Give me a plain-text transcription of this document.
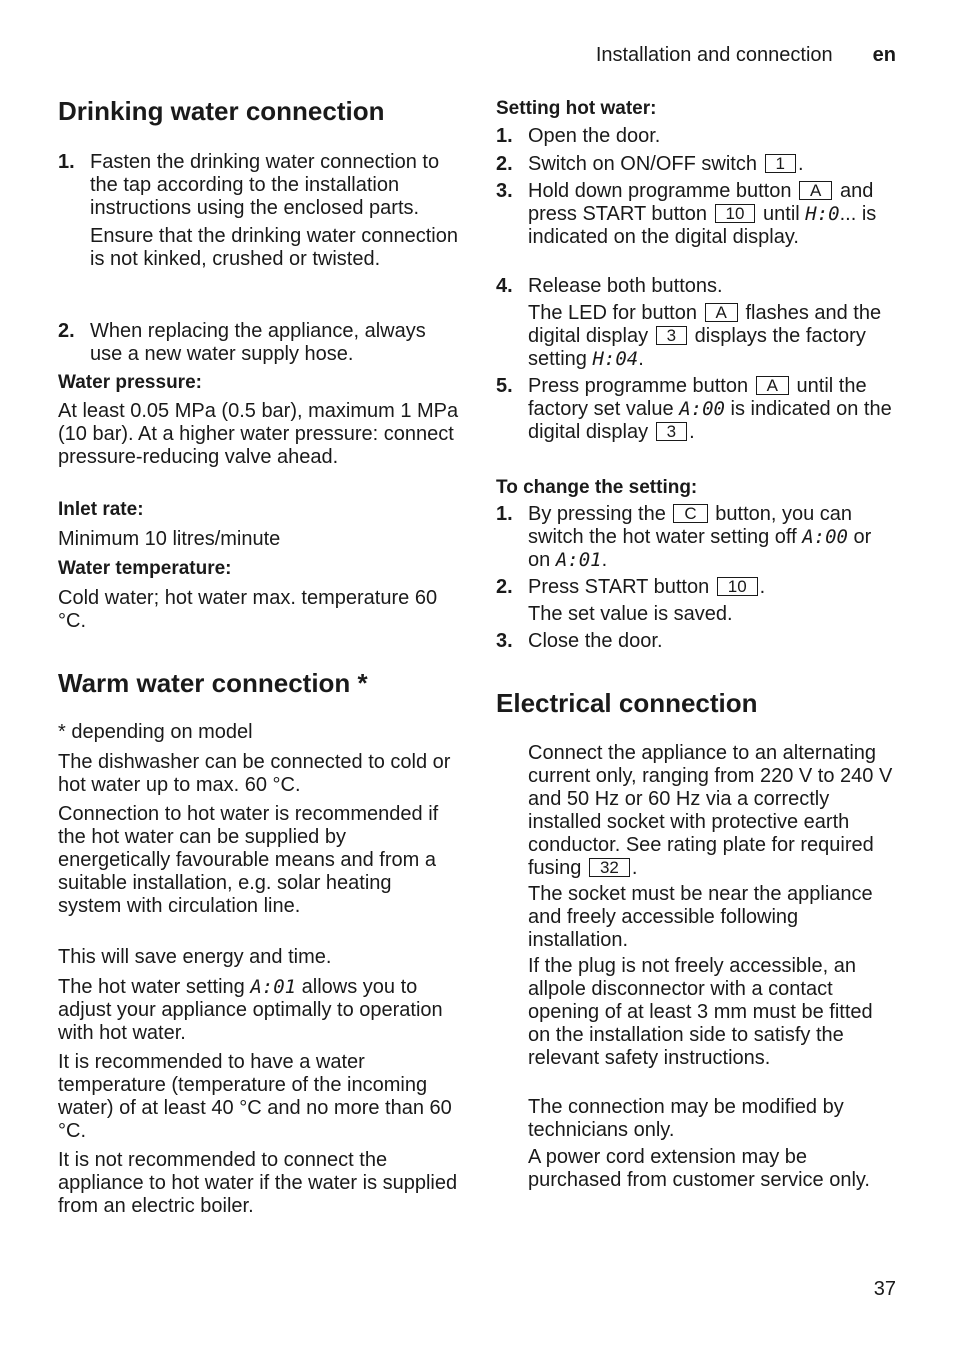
Installation and connection en
Drinking water connection
1. Fasten the drinking water connection to the tap according to the installation instructions using the enclosed parts.

Ensure that the drinking water connection is not kinked, crushed or twisted.

2. When replacing the appliance, always use a new water supply hose.

Water pressure:

At least 0.05 MPa (0.5 bar), maximum 1 MPa (10 bar). At a higher water pressure: connect pressure-reducing valve ahead.

Inlet rate:

Minimum 10 litres/minute

Water temperature:

Cold water; hot water max. temperature 60 °C.

Warm water connection *

* depending on model

The dishwasher can be connected to cold or hot water up to max. 60 °C.

Connection to hot water is recommended if the hot water can be supplied by energetically favourable means and from a suitable installation, e.g. solar heating system with circulation line.

This will save energy and time.

The hot water setting A:01 allows you to adjust your appliance optimally to operation with hot water.

It is recommended to have a water temperature (temperature of the incoming water) of at least 40 °C and no more than 60 °C.

It is not recommended to connect the appliance to hot water if the water is supplied from an electric boiler.

Setting hot water:
1. Open the door.

2. Switch on ON/OFF switch 1 .

3. Hold down programme button A and press START button 10 until H:0... is indicated on the digital display.

4. Release both buttons.

The LED for button A flashes and the digital display 3 displays the factory setting H:04.

5. Press programme button A until the factory set value A:00 is indicated on the digital display 3 .

To change the setting:
1. By pressing the C button, you can switch the hot water setting off A:00 or on A:01.

2. Press START button 10 .

The set value is saved.

3. Close the door.

Electrical connection

Connect the appliance to an alternating current only, ranging from 220 V to 240 V and 50 Hz or 60 Hz via a correctly installed socket with protective earth conductor. See rating plate for required fusing 32 .

The socket must be near the appliance and freely accessible following installation.

If the plug is not freely accessible, an allpole disconnector with a contact opening of at least 3 mm must be fitted on the installation side to satisfy the relevant safety instructions.

The connection may be modified by technicians only.

A power cord extension may be purchased from customer service only.

37
